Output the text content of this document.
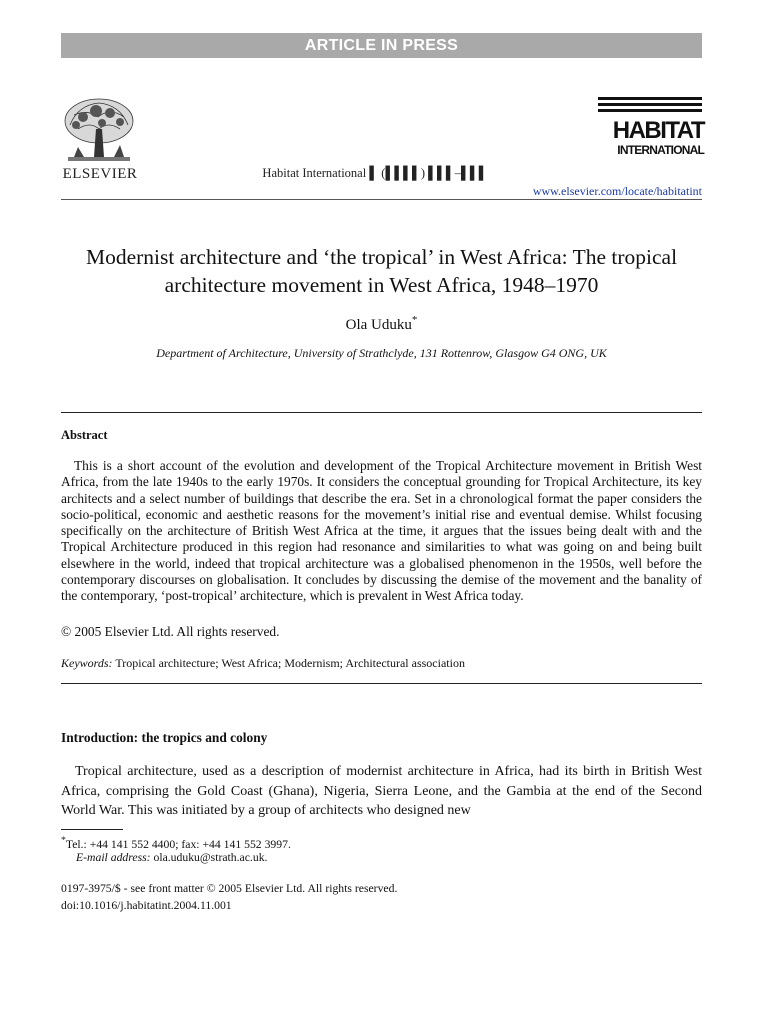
ARTICLE IN PRESS
ELSEVIER	Habitat International ▌ (▌▌▌▌) ▌▌▌–▌▌▌
HABITAT
INTERNATIONAL
www.elsevier.com/locate/habitatint
Modernist architecture and ‘the tropical’ in West Africa: The tropical architecture movement in West Africa, 1948–1970
Ola Uduku*
Department of Architecture, University of Strathclyde, 131 Rottenrow, Glasgow G4 ONG, UK
Abstract

This is a short account of the evolution and development of the Tropical Architecture movement in British West Africa, from the late 1940s to the early 1970s. It considers the conceptual grounding for Tropical Architecture, its key architects and a select number of buildings that describe the era. Set in a chronological format the paper considers the socio-political, economic and aesthetic reasons for the movement’s initial rise and eventual demise. Whilst focusing specifically on the architecture of British West Africa at the time, it argues that the issues being dealt with and the Tropical Architecture produced in this region had resonance and similarities to what was going on and being built elsewhere in the world, indeed that tropical architecture was a globalised phenomenon in the 1950s, well before the contemporary discourses on globalisation. It concludes by discussing the demise of the movement and the banality of the contemporary, ‘post-tropical’ architecture, which is prevalent in West Africa today.

© 2005 Elsevier Ltd. All rights reserved.
Keywords: Tropical architecture; West Africa; Modernism; Architectural association
Introduction: the tropics and colony

Tropical architecture, used as a description of modernist architecture in Africa, had its birth in British West Africa, comprising the Gold Coast (Ghana), Nigeria, Sierra Leone, and the Gambia at the end of the Second World War. This was initiated by a group of architects who designed new

*Tel.: +44 141 552 4400; fax: +44 141 552 3997.
E-mail address: ola.uduku@strath.ac.uk.
0197-3975/$ - see front matter © 2005 Elsevier Ltd. All rights reserved.
doi:10.1016/j.habitatint.2004.11.001
